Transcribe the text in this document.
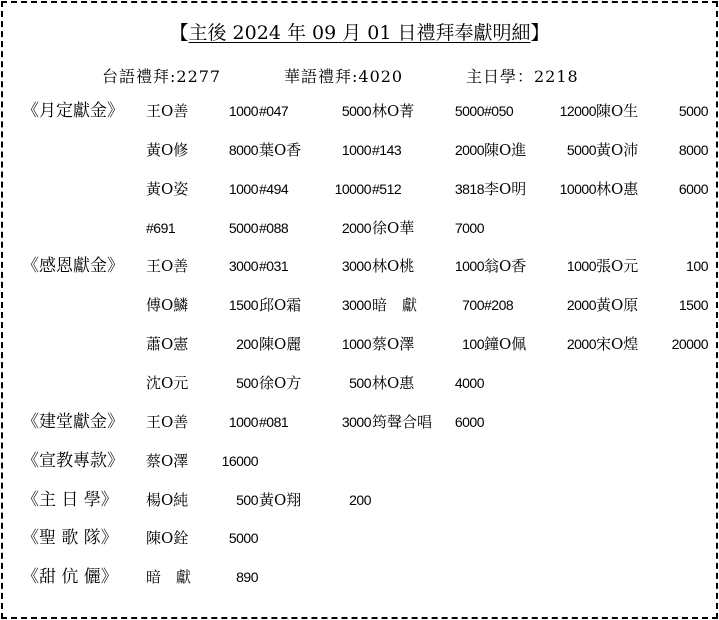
【主後 2024 年 09 月 01 日禮拜奉獻明細】
台語禮拜:2277	華語禮拜:4020	主日學：2218
《月定獻金》 王O善	1000 #047	5000 林O菁	5000 #050	12000 陳O生	5000
黃O修	8000 葉O香	1000 #143	2000 陳O進	5000 黃O沛	8000
黃O姿	1000 #494	10000 #512	3818 李O明 10000 林O惠	6000
#691	5000 #088	2000 徐O華	7000
《感恩獻金》 王O善	3000 #031	3000 林O桃	1000 翁O香	1000 張O元	100
傅O鱗	1500 邱O霜	3000 暗　獻	700 #208	2000 黃O原	1500
蕭O憲	200 陳O麗	1000 蔡O澤	100 鐘O佩	2000 宋O煌 20000
沈O元	500 徐O方	500 林O惠	4000
《建堂獻金》 王O善	1000 #081	3000 筠聲合唱 6000
《宣教專款》 蔡O澤 16000
《主 日 學》 楊O純	500 黃O翔	200
《聖 歌 隊》 陳O銓	5000
《甜 伉 儷》 暗　獻	890
